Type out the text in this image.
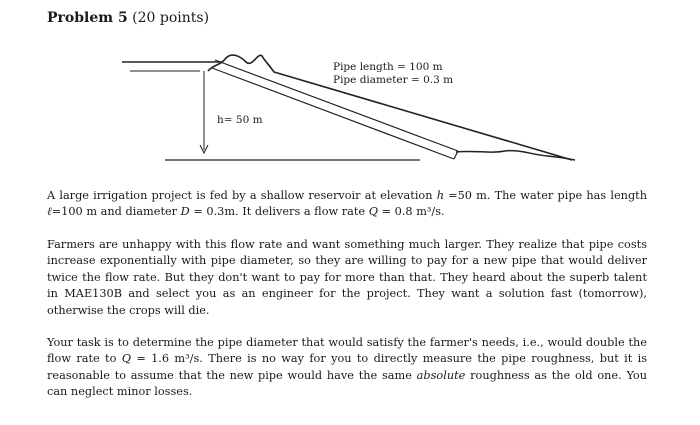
Problem 5 (20 points)
h= 50 m
Pipe length = 100 m
Pipe diameter = 0.3 m

A large irrigation project is fed by a shallow reservoir at elevation h =50 m. The water pipe has length ℓ=100 m and diameter D = 0.3m. It delivers a flow rate Q = 0.8 m³/s.

Farmers are unhappy with this flow rate and want something much larger. They realize that pipe costs increase exponentially with pipe diameter, so they are willing to pay for a new pipe that would deliver twice the flow rate. But they don't want to pay for more than that. They heard about the superb talent in MAE130B and select you as an engineer for the project. They want a solution fast (tomorrow), otherwise the crops will die.

Your task is to determine the pipe diameter that would satisfy the farmer's needs, i.e., would double the flow rate to Q = 1.6 m³/s. There is no way for you to directly measure the pipe roughness, but it is reasonable to assume that the new pipe would have the same absolute roughness as the old one. You can neglect minor losses.
